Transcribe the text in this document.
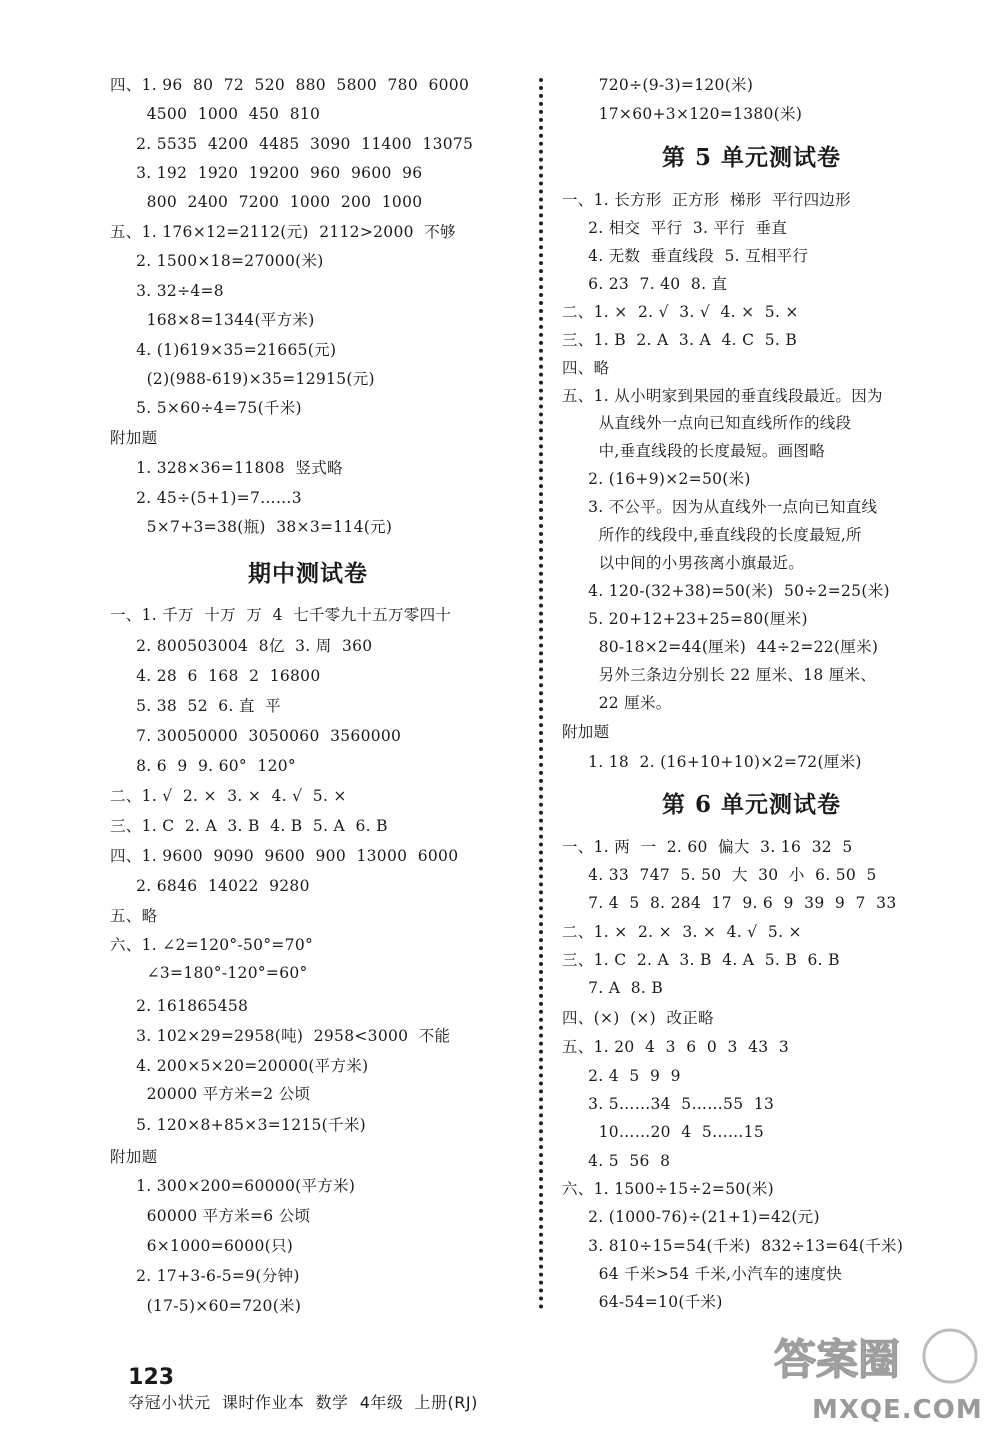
四、1. 96  80  72  520  880  5800  780  6000
4500  1000  450  810
2. 5535  4200  4485  3090  11400  13075
3. 192  1920  19200  960  9600  96
800  2400  7200  1000  200  1000
五、1. 176×12=2112(元)  2112>2000  不够
2. 1500×18=27000(米)
3. 32÷4=8
168×8=1344(平方米)
4. (1)619×35=21665(元)
(2)(988-619)×35=12915(元)
5. 5×60÷4=75(千米)
附加题
1. 328×36=11808  竖式略
2. 45÷(5+1)=7……3
5×7+3=38(瓶)  38×3=114(元)
期中测试卷
一、1. 千万  十万  万  4  七千零九十五万零四十
2. 800503004  8亿  3. 周  360
4. 28  6  168  2  16800
5. 38  52  6. 直  平
7. 30050000  3050060  3560000
8. 6  9  9. 60°  120°
二、1. √  2. ×  3. ×  4. √  5. ×
三、1. C  2. A  3. B  4. B  5. A  6. B
四、1. 9600  9090  9600  900  13000  6000
2. 6846  14022  9280
五、略
六、1. ∠2=120°-50°=70°
∠3=180°-120°=60°
2. 161865458
3. 102×29=2958(吨)  2958<3000  不能
4. 200×5×20=20000(平方米)
20000 平方米=2 公顷
5. 120×8+85×3=1215(千米)
附加题
1. 300×200=60000(平方米)
60000 平方米=6 公顷
6×1000=6000(只)
2. 17+3-6-5=9(分钟)
(17-5)×60=720(米)
720÷(9-3)=120(米)
17×60+3×120=1380(米)
第 5 单元测试卷
一、1. 长方形  正方形  梯形  平行四边形
2. 相交  平行  3. 平行  垂直
4. 无数  垂直线段  5. 互相平行
6. 23  7. 40  8. 直
二、1. ×  2. √  3. √  4. ×  5. ×
三、1. B  2. A  3. A  4. C  5. B
四、略
五、1. 从小明家到果园的垂直线段最近。因为
从直线外一点向已知直线所作的线段
中,垂直线段的长度最短。画图略
2. (16+9)×2=50(米)
3. 不公平。因为从直线外一点向已知直线
所作的线段中,垂直线段的长度最短,所
以中间的小男孩离小旗最近。
4. 120-(32+38)=50(米)  50÷2=25(米)
5. 20+12+23+25=80(厘米)
80-18×2=44(厘米)  44÷2=22(厘米)
另外三条边分别长 22 厘米、18 厘米、
22 厘米。
附加题
1. 18  2. (16+10+10)×2=72(厘米)
第 6 单元测试卷
一、1. 两  一  2. 60  偏大  3. 16  32  5
4. 33  747  5. 50  大  30  小  6. 50  5
7. 4  5  8. 284  17  9. 6  9  39  9  7  33
二、1. ×  2. ×  3. ×  4. √  5. ×
三、1. C  2. A  3. B  4. A  5. B  6. B
7. A  8. B
四、(×)  (×)  改正略
五、1. 20  4  3  6  0  3  43  3
2. 4  5  9  9
3. 5……34  5……55  13
10……20  4  5……15
4. 5  56  8
六、1. 1500÷15÷2=50(米)
2. (1000-76)÷(21+1)=42(元)
3. 810÷15=54(千米)  832÷13=64(千米)
64 千米>54 千米,小汽车的速度快
64-54=10(千米)

123
夺冠小状元  课时作业本  数学  4年级  上册(RJ)

答案圈
MXQE.COM
